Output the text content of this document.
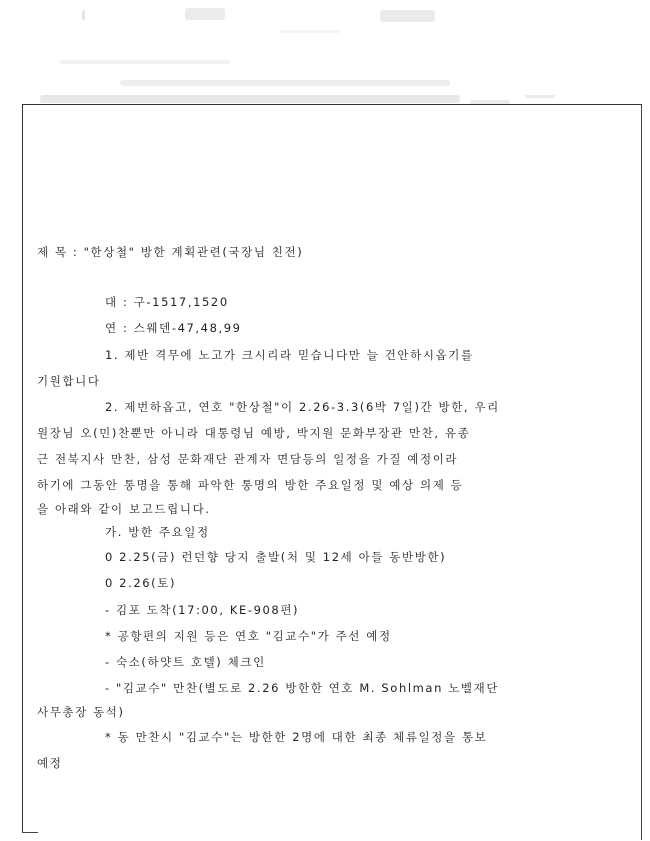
제 목 : "한상철" 방한 계획관련(국장님 친전)
대 : 구-1517,1520
연 : 스웨덴-47,48,99
1. 제반 격무에 노고가 크시리라 믿습니다만 늘 건안하시옵기를
기원합니다
2. 제번하옵고, 연호 "한상철"이 2.26-3.3(6박 7일)간 방한, 우리
원장님 오(민)찬뿐만 아니라 대통령님 예방, 박지원 문화부장관 만찬, 유종
근 전북지사 만찬, 삼성 문화재단 관계자 면담등의 일정을 가질 예정이라
하기에 그동안 통명을 통해 파악한 통명의 방한 주요일정 및 예상 의제 등
을 아래와 같이 보고드립니다.
가. 방한 주요일정
0 2.25(금) 런던향 당지 출발(처 및 12세 아들 동반방한)
0 2.26(토)
- 김포 도착(17:00, KE-908편)
* 공항편의 지원 등은 연호 "김교수"가 주선 예정
- 숙소(하얏트 호텔) 체크인
- "김교수" 만찬(별도로 2.26 방한한 연호 M. Sohlman 노벨재단
사무총장 동석)
* 동 만찬시 "김교수"는 방한한 2명에 대한 최종 체류일정을 통보
예정
